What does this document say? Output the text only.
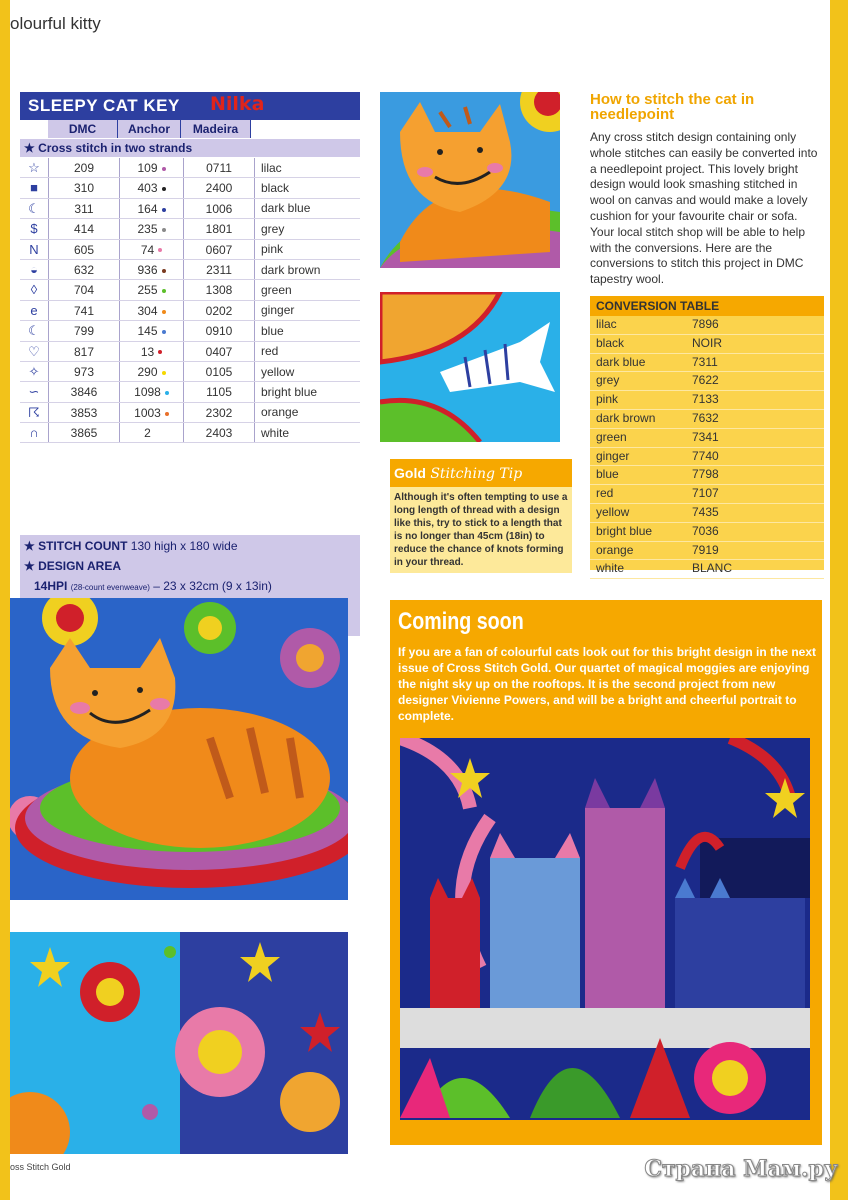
olourful kitty
SLEEPY CAT KEY	Nilka
DMC	Anchor	Madeira
★ Cross stitch in two strands
☆	209	109	0711	lilac
■	310	403	2400	black
☾	311	164	1006	dark blue
$	414	235	1801	grey
N	605	74	0607	pink
◒	632	936	2311	dark brown
◊	704	255	1308	green
e	741	304	0202	ginger
☾	799	145	0910	blue
♡	817	13	0407	red
✧	973	290	0105	yellow
∽	3846	1098	1105	bright blue
☈	3853	1003	2302	orange
∩	3865	2	2403	white
★ STITCH COUNT 130 high x 180 wide
★ DESIGN AREA
14HPI (28-count evenweave) – 23 x 32cm (9 x 13in)
Gold Stitching Tip
Although it's often tempting to use a long length of thread with a design like this, try to stick to a length that is no longer than 45cm (18in) to reduce the chance of knots forming in your thread.
How to stitch the cat in needlepoint
Any cross stitch design containing only whole stitches can easily be converted into a needlepoint project. This lovely bright design would look smashing stitched in wool on canvas and would make a lovely cushion for your favourite chair or sofa. Your local stitch shop will be able to help with the conversions. Here are the conversions to stitch this project in DMC tapestry wool.
CONVERSION TABLE
lilac	7896
black	NOIR
dark blue	7311
grey	7622
pink	7133
dark brown	7632
green	7341
ginger	7740
blue	7798
red	7107
yellow	7435
bright blue	7036
orange	7919
white	BLANC
Coming soon
If you are a fan of colourful cats look out for this bright design in the next issue of Cross Stitch Gold. Our quartet of magical moggies are enjoying the night sky up on the rooftops. It is the second project from new designer Vivienne Powers, and will be a bright and cheerful portrait to complete.
oss Stitch Gold	Страна Мам.ру
